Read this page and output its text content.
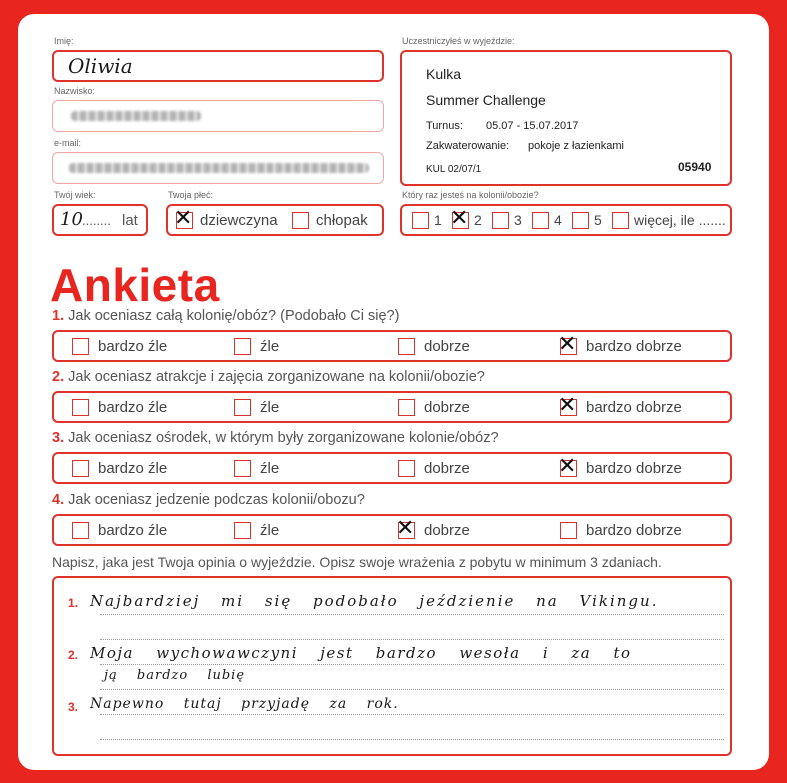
Imię:
Oliwia
Nazwisko:
e-mail:
Twój wiek:
10 ........ lat
Twoja płeć:
✕ dziewczyna	chłopak
Uczestniczyłeś w wyjeździe:
Kulka
Summer Challenge
Turnus: 05.07 - 15.07.2017
Zakwaterowanie: pokoje z łazienkami
KUL 02/07/1	05940
Który raz jesteś na kolonii/obozie?
1 ✕ 2 3 4 5 więcej, ile .......
Ankieta
1. Jak oceniasz całą kolonię/obóz? (Podobało Ci się?)
bardzo źle	źle	dobrze	✕ bardzo dobrze
2. Jak oceniasz atrakcje i zajęcia zorganizowane na kolonii/obozie?
bardzo źle	źle	dobrze	✕ bardzo dobrze
3. Jak oceniasz ośrodek, w którym były zorganizowane kolonie/obóz?
bardzo źle	źle	dobrze	✕ bardzo dobrze
4. Jak oceniasz jedzenie podczas kolonii/obozu?
bardzo źle	źle	✕ dobrze	bardzo dobrze
Napisz, jaka jest Twoja opinia o wyjeździe. Opisz swoje wrażenia z pobytu w minimum 3 zdaniach.
1. Najbardziej mi się podobało jeździenie na Vikingu.
2. Moja wychowawczyni jest bardzo wesoła i za to
ją bardzo lubię
3. Napewno tutaj przyjadę za rok.
